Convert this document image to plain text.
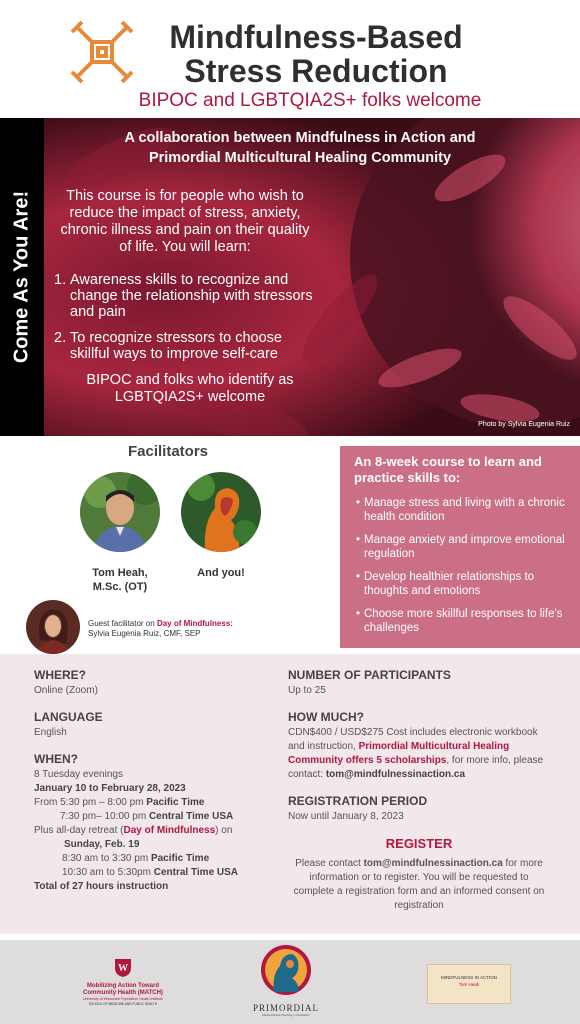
Mindfulness-Based
Stress Reduction
BIPOC and LGBTQIA2S+ folks welcome
Come As You Are!
A collaboration between Mindfulness in Action and
Primordial Multicultural Healing Community
This course is for people who wish to reduce the impact of stress, anxiety, chronic illness and pain on their quality of life. You will learn:
1. Awareness skills to recognize and change the relationship with stressors and pain
2. To recognize stressors to choose skillful ways to improve self-care
BIPOC and folks who identify as LGBTQIA2S+ welcome
Photo by Sylvia Eugenia Ruiz
Facilitators
Tom Heah,
M.Sc. (OT)
And you!
Guest facilitator on Day of Mindfulness:
Sylvia Eugenia Ruiz, CMF, SEP
An 8-week course to learn and practice skills to:
• Manage stress and living with a chronic health condition
• Manage anxiety and improve emotional regulation
• Develop healthier relationships to thoughts and emotions
• Choose more skillful responses to life's challenges
WHERE?
Online (Zoom)
LANGUAGE
English
WHEN?
8 Tuesday evenings
January 10 to February 28, 2023
From 5:30 pm – 8:00 pm Pacific Time
7:30 pm– 10:00 pm Central Time USA
Plus all-day retreat (Day of Mindfulness) on
Sunday, Feb. 19
8:30 am to 3:30 pm Pacific Time
10:30 am to 5:30pm Central Time USA
Total of 27 hours instruction
NUMBER OF PARTICIPANTS
Up to 25
HOW MUCH?
CDN$400 / USD$275 Cost includes electronic workbook and instruction, Primordial Multicultural Healing Community offers 5 scholarships, for more info, please contact: tom@mindfulnessinaction.ca
REGISTRATION PERIOD
Now until January 8, 2023
REGISTER
Please contact tom@mindfulnessinaction.ca for more information or to register. You will be requested to complete a registration form and an informed consent on registration
W
Mobilizing Action Toward
Community Health (MATCH)
University of Wisconsin Population Health Institute
SCHOOL OF MEDICINE AND PUBLIC HEALTH	PRIMORDIAL
Multicultural Healing Community
MINDFULNESS IN ACTION
Tom Heah
